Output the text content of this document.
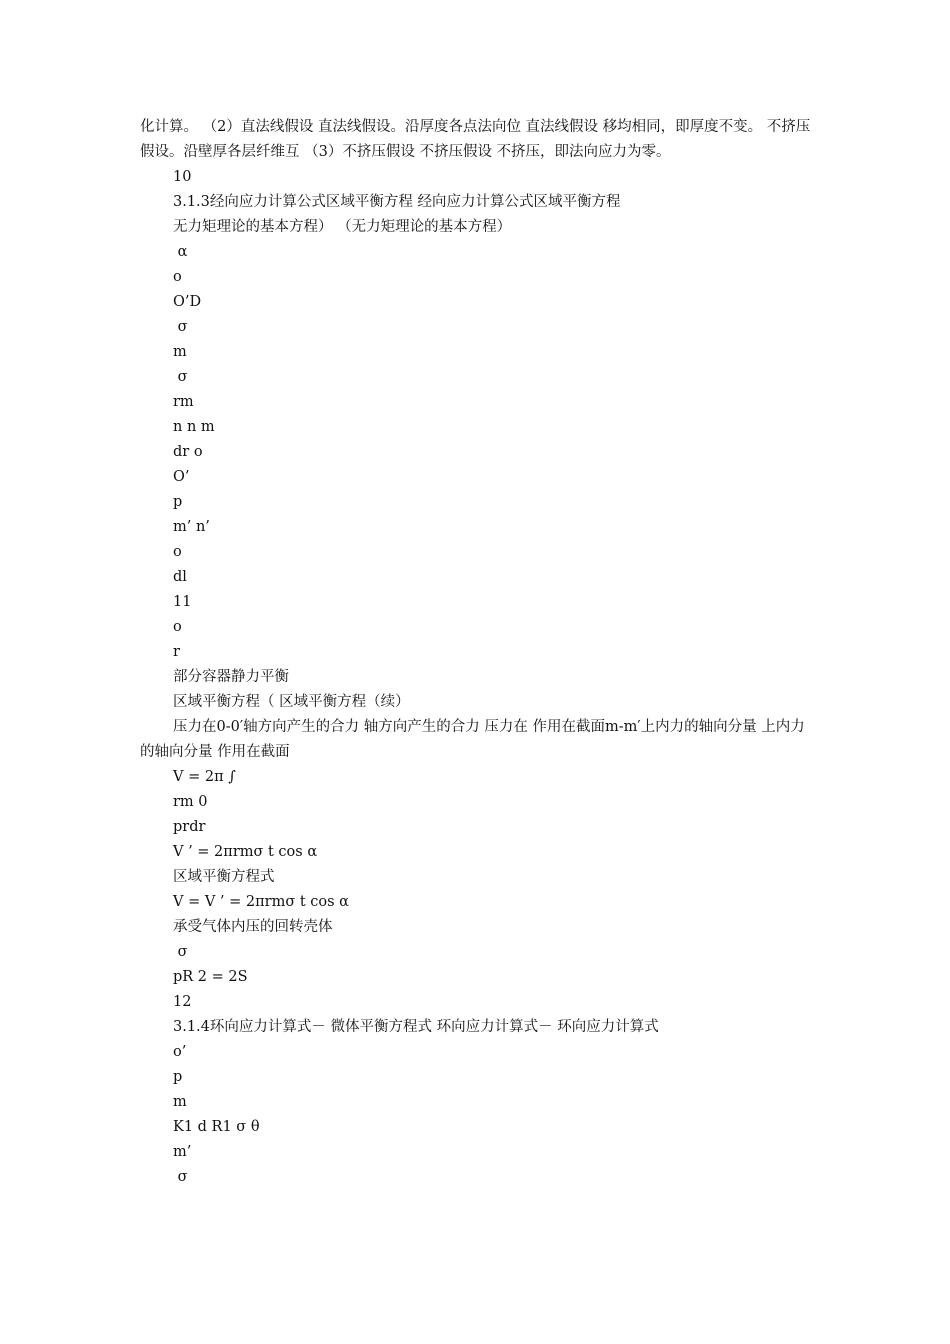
化计算。 （2）直法线假设 直法线假设。沿厚度各点法向位 直法线假设 移均相同，即厚度不变。 不挤压假设。沿壁厚各层纤维互 （3）不挤压假设 不挤压假设 不挤压，即法向应力为零。

10

3.1.3经向应力计算公式区域平衡方程 经向应力计算公式区域平衡方程

无力矩理论的基本方程） （无力矩理论的基本方程）

α

o

O’D

σ

m

σ

rm

n n m

dr o

O’

p

m’ n’

o

dl

11

o

r

部分容器静力平衡

区域平衡方程（ 区域平衡方程（续）

压力在0-0′轴方向产生的合力 轴方向产生的合力 压力在 作用在截面m-m′上内力的轴向分量 上内力的轴向分量 作用在截面

V = 2π ∫

rm 0

prdr

V ’ = 2πrmσ t cos α

区域平衡方程式

V = V ’ = 2πrmσ t cos α

承受气体内压的回转壳体

σ

pR 2 = 2S

12

3.1.4环向应力计算式－ 微体平衡方程式 环向应力计算式－ 环向应力计算式

o’

p

m

K1 d R1 σ θ

m’

σ
